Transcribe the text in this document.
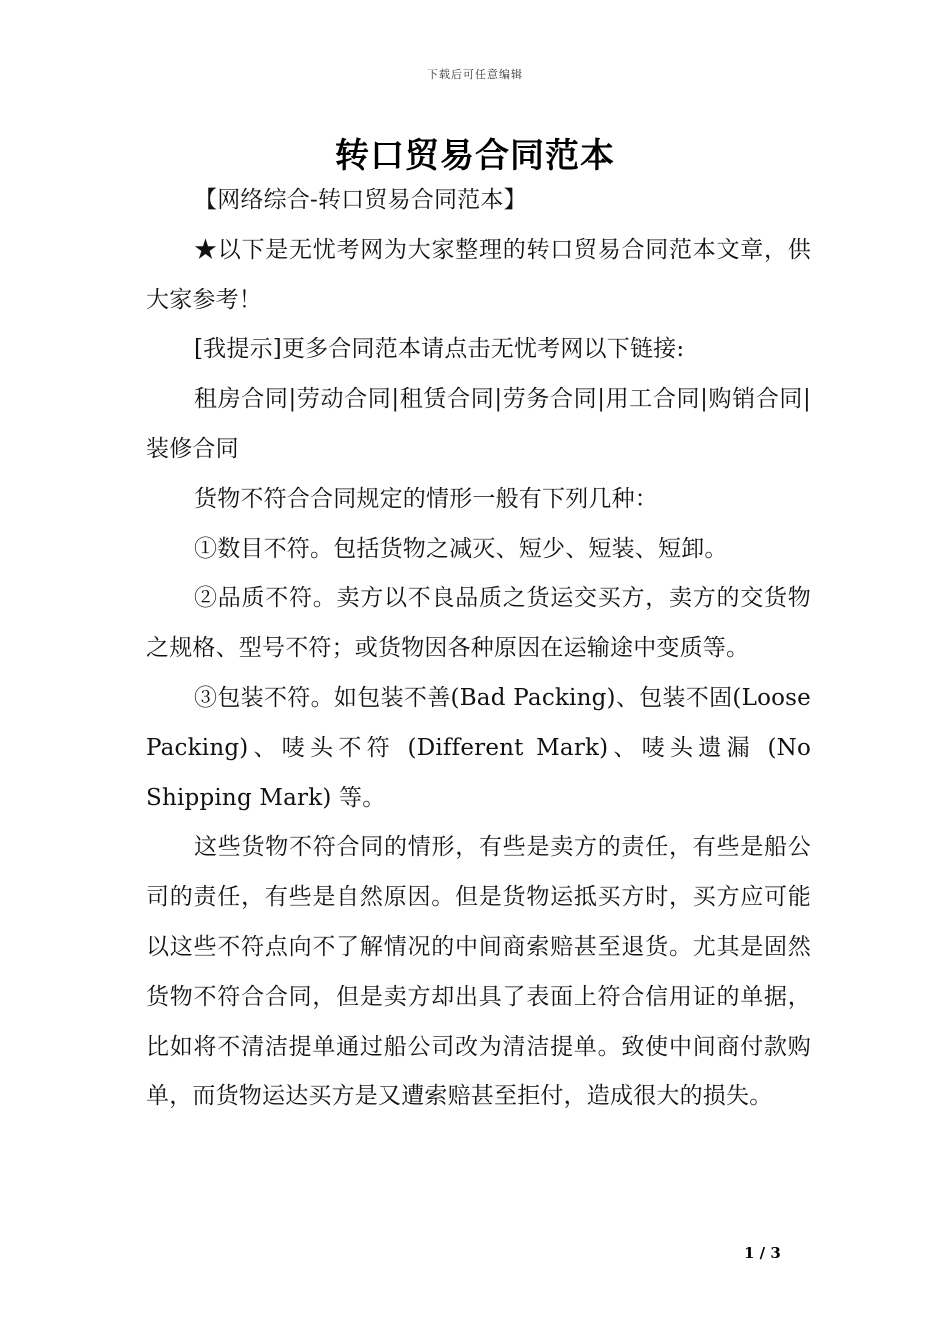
下载后可任意编辑
转口贸易合同范本

【网络综合-转口贸易合同范本】

★以下是无忧考网为大家整理的转口贸易合同范本文章，供大家参考！

[我提示]更多合同范本请点击无忧考网以下链接:

租房合同|劳动合同|租赁合同|劳务合同|用工合同|购销合同|装修合同

货物不符合合同规定的情形一般有下列几种：

①数目不符。包括货物之减灭、短少、短装、短卸。

②品质不符。卖方以不良品质之货运交买方，卖方的交货物之规格、型号不符；或货物因各种原因在运输途中变质等。

③包装不符。如包装不善(Bad Packing)、包装不固(Loose Packing)、唛头不符 (Different Mark)、唛头遗漏 (No Shipping Mark) 等。

这些货物不符合同的情形，有些是卖方的责任，有些是船公司的责任，有些是自然原因。但是货物运抵买方时，买方应可能以这些不符点向不了解情况的中间商索赔甚至退货。尤其是固然货物不符合合同，但是卖方却出具了表面上符合信用证的单据，比如将不清洁提单通过船公司改为清洁提单。致使中间商付款购单，而货物运达买方是又遭索赔甚至拒付，造成很大的损失。

1 / 3
